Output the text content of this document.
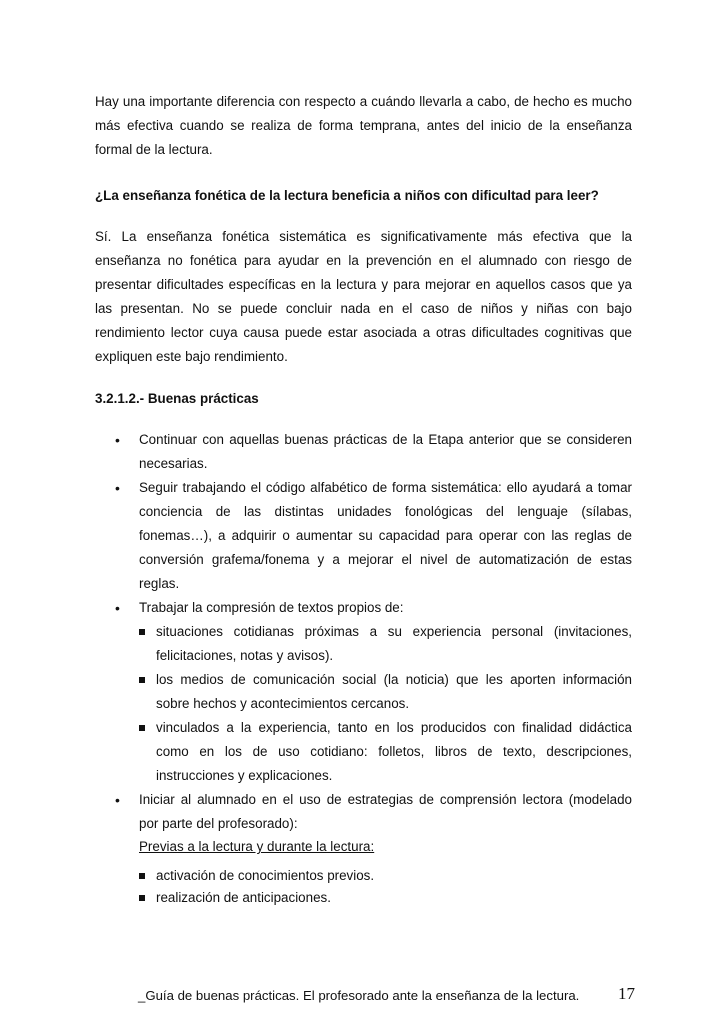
Hay una importante diferencia con respecto a cuándo llevarla a cabo, de hecho es mucho
más efectiva cuando se realiza de forma temprana, antes del inicio de la enseñanza
formal de la lectura.
¿La enseñanza fonética de la lectura beneficia a niños con dificultad para leer?
Sí. La enseñanza fonética sistemática es significativamente más efectiva que la
enseñanza no fonética para ayudar en la prevención en el alumnado con riesgo de
presentar dificultades específicas en la lectura y para mejorar en aquellos casos que ya
las presentan. No se puede concluir nada en el caso de niños y niñas con bajo
rendimiento lector cuya causa puede estar asociada a otras dificultades cognitivas que
expliquen este bajo rendimiento.
3.2.1.2.- Buenas prácticas
•	Continuar con aquellas buenas prácticas de la Etapa anterior que se consideren
necesarias.
•	Seguir trabajando el código alfabético de forma sistemática: ello ayudará a tomar
conciencia de las distintas unidades fonológicas del lenguaje (sílabas,
fonemas…), a adquirir o aumentar su capacidad para operar con las reglas de
conversión grafema/fonema y a mejorar el nivel de automatización de estas
reglas.
•	Trabajar la compresión de textos propios de:
situaciones cotidianas próximas a su experiencia personal (invitaciones,
felicitaciones, notas y avisos).
los medios de comunicación social (la noticia) que les aporten información
sobre hechos y acontecimientos cercanos.
vinculados a la experiencia, tanto en los producidos con finalidad didáctica
como en los de uso cotidiano: folletos, libros de texto, descripciones,
instrucciones y explicaciones.
•	Iniciar al alumnado en el uso de estrategias de comprensión lectora (modelado
por parte del profesorado):
Previas a la lectura y durante la lectura:
activación de conocimientos previos.
realización de anticipaciones.
_Guía de buenas prácticas. El profesorado ante la enseñanza de la lectura. 17
